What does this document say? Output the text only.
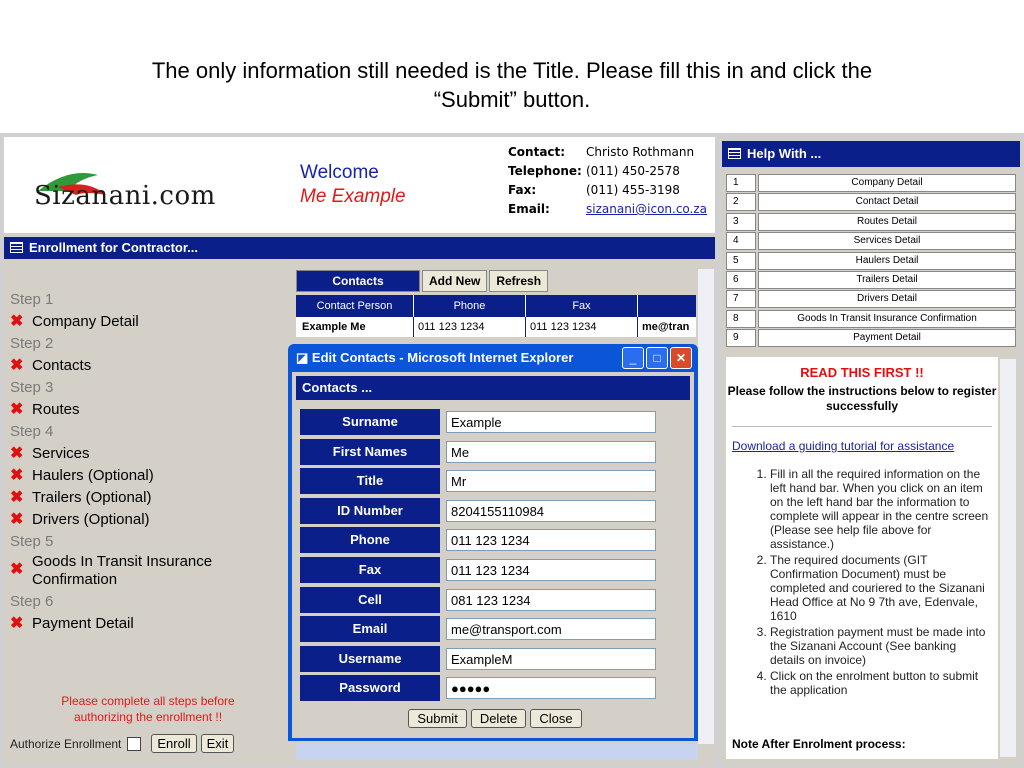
The only information still needed is the Title. Please fill this in and click the
“Submit” button.
Sizanani.com
Welcome
Me Example
Contact:	Christo Rothmann
Telephone: (011) 450-2578
Fax:	(011) 455-3198
Email:	sizanani@icon.co.za
Enrollment for Contractor...
Step 1
✖ Company Detail
Step 2
✖ Contacts
Step 3
✖ Routes
Step 4
✖ Services
✖ Haulers (Optional)
✖ Trailers (Optional)
✖ Drivers (Optional)
Step 5
✖ Goods In Transit Insurance Confirmation
Step 6
✖ Payment Detail
Please complete all steps before authorizing the enrollment !!
Authorize Enrollment	Enroll	Exit
Contacts	Add New	Refresh
Contact Person	Phone	Fax
Example Me	011 123 1234	011 123 1234	me@tran
◪ Edit Contacts - Microsoft Internet Explorer	_	□	✕
Contacts ...
Surname	Example
First Names	Me
Title	Mr
ID Number	8204155110984
Phone	011 123 1234
Fax	011 123 1234
Cell	081 123 1234
Email	me@transport.com
Username	ExampleM
Password	●●●●●
Submit	Delete	Close
Help With ...
1	Company Detail
2	Contact Detail
3	Routes Detail
4	Services Detail
5	Haulers Detail
6	Trailers Detail
7	Drivers Detail
8	Goods In Transit Insurance Confirmation
9	Payment Detail
READ THIS FIRST !!
Please follow the instructions below to register successfully
Download a guiding tutorial for assistance
1. Fill in all the required information on the left hand bar. When you click on an item on the left hand bar the information to complete will appear in the centre screen (Please see help file above for assistance.)
2. The required documents (GIT Confirmation Document) must be completed and couriered to the Sizanani Head Office at No 9 7th ave, Edenvale, 1610
3. Registration payment must be made into the Sizanani Account (See banking details on invoice)
4. Click on the enrolment button to submit the application
Note After Enrolment process:
